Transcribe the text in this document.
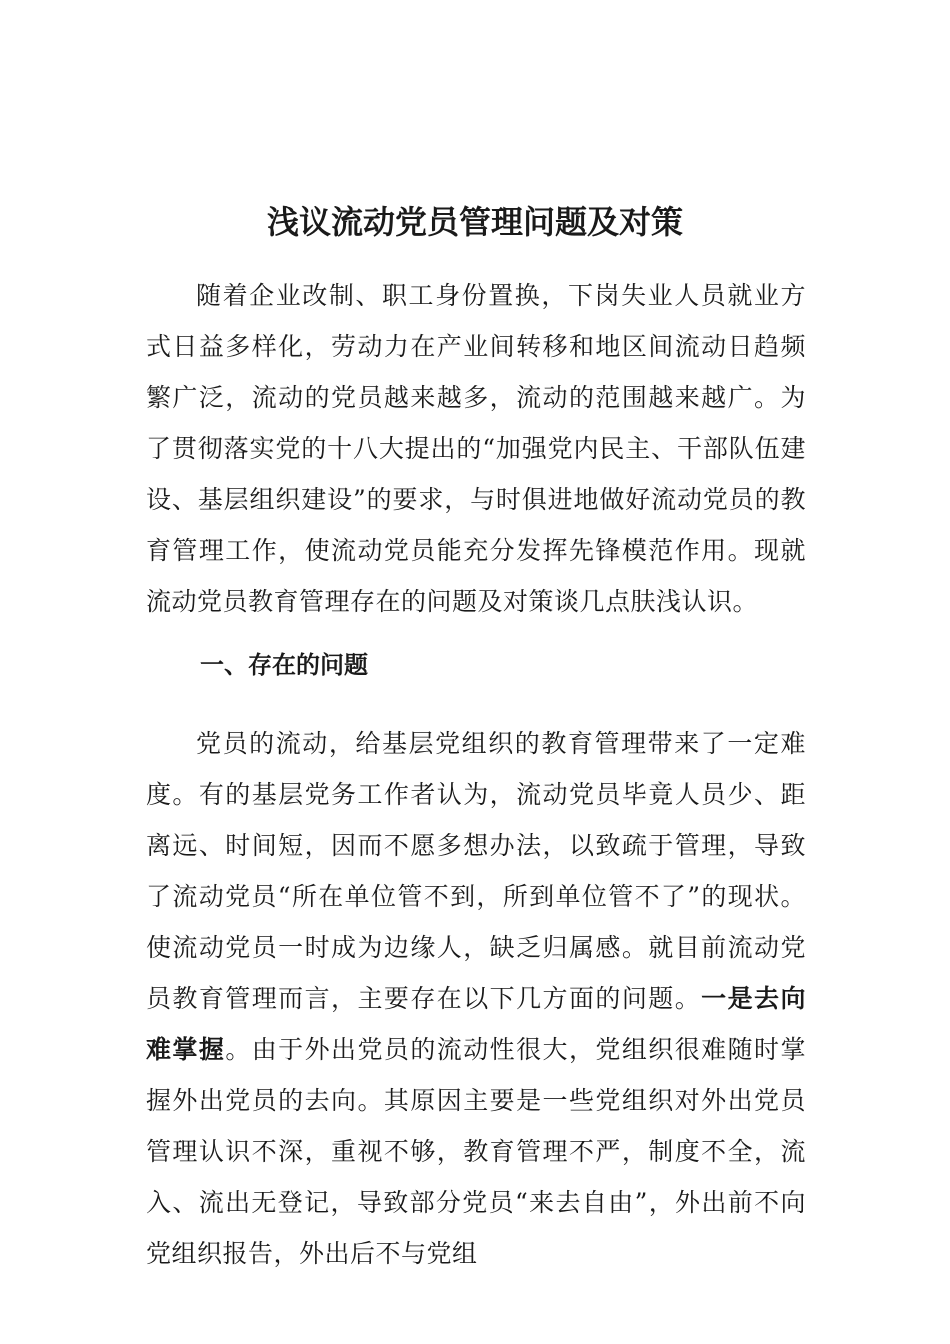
浅议流动党员管理问题及对策

随着企业改制、职工身份置换，下岗失业人员就业方式日益多样化，劳动力在产业间转移和地区间流动日趋频繁广泛，流动的党员越来越多，流动的范围越来越广。为了贯彻落实党的十八大提出的“加强党内民主、干部队伍建设、基层组织建设”的要求，与时俱进地做好流动党员的教育管理工作，使流动党员能充分发挥先锋模范作用。现就流动党员教育管理存在的问题及对策谈几点肤浅认识。

一、存在的问题

党员的流动，给基层党组织的教育管理带来了一定难度。有的基层党务工作者认为，流动党员毕竟人员少、距离远、时间短，因而不愿多想办法，以致疏于管理，导致了流动党员“所在单位管不到，所到单位管不了”的现状。使流动党员一时成为边缘人，缺乏归属感。就目前流动党员教育管理而言，主要存在以下几方面的问题。一是去向难掌握。由于外出党员的流动性很大，党组织很难随时掌握外出党员的去向。其原因主要是一些党组织对外出党员管理认识不深，重视不够，教育管理不严，制度不全，流入、流出无登记，导致部分党员“来去自由”，外出前不向党组织报告，外出后不与党组
